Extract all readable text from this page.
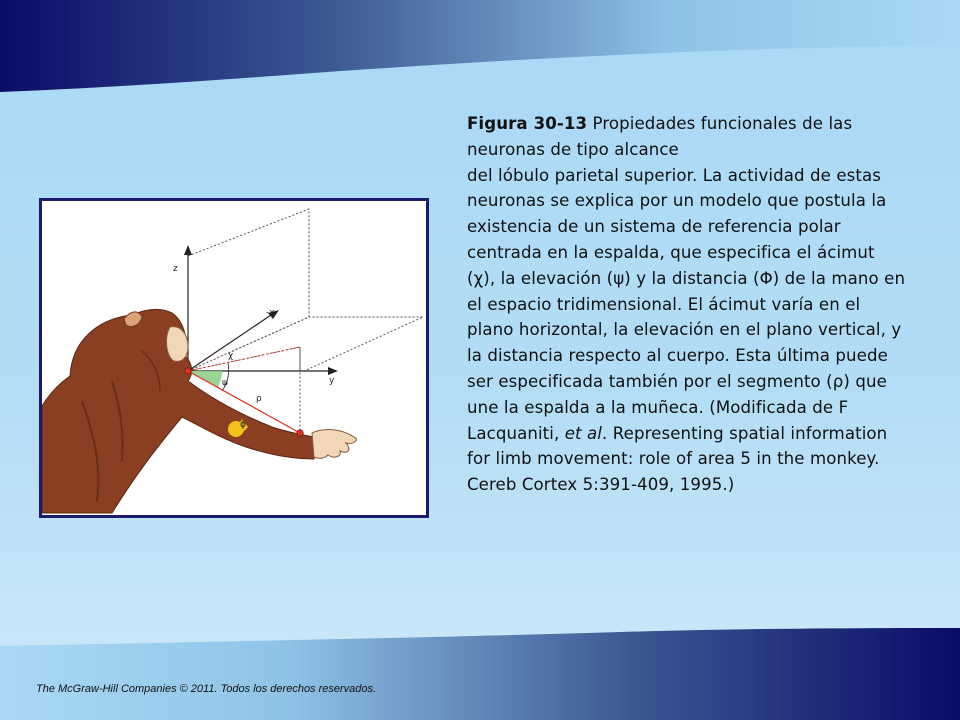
z
-x
y
χ
ψ
ρ
ϕ
Figura 30-13 Propiedades funcionales de las neuronas de tipo alcance
del lóbulo parietal superior. La actividad de estas neuronas se explica por un modelo que postula la existencia de un sistema de referencia polar centrada en la espalda, que especifica el ácimut (χ), la elevación (ψ) y la distancia (Φ) de la mano en el espacio tridimensional. El ácimut varía en el plano horizontal, la elevación en el plano vertical, y la distancia respecto al cuerpo. Esta última puede ser especificada también por el segmento (ρ) que une la espalda a la muñeca. (Modificada de F Lacquaniti, et al. Representing spatial information for limb movement: role of area 5 in the monkey. Cereb Cortex 5:391-409, 1995.)
The McGraw-Hill Companies © 2011. Todos los derechos reservados.
